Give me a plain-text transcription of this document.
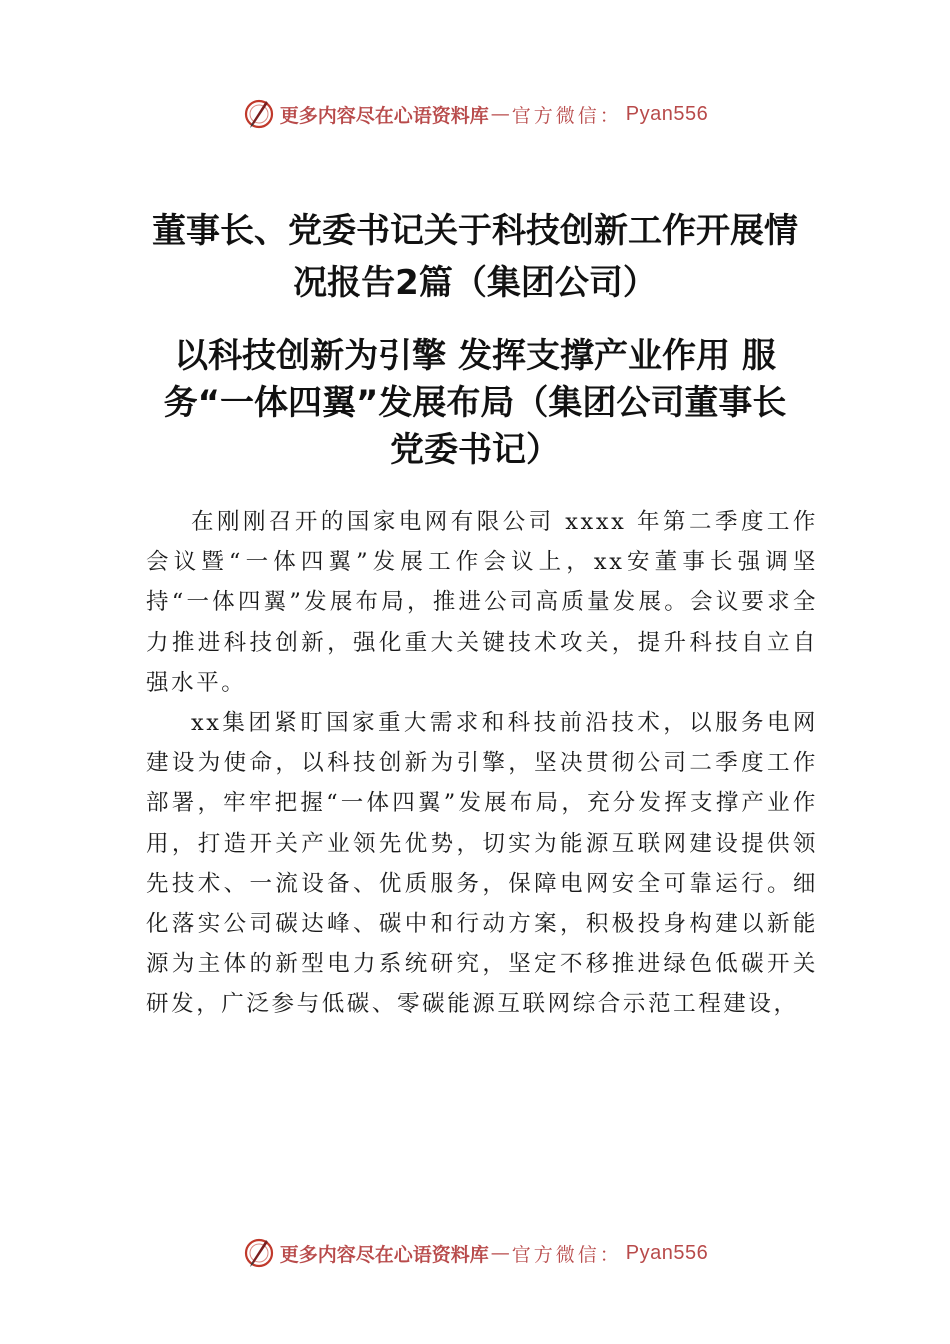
更多内容尽在心语资料库 — 官方微信： Pyan556
董事长、党委书记关于科技创新工作开展情况报告2篇（集团公司）
以科技创新为引擎 发挥支撑产业作用 服务“一体四翼”发展布局（集团公司董事长 党委书记）

在刚刚召开的国家电网有限公司 xxxx 年第二季度工作会议暨“一体四翼”发展工作会议上，xx安董事长强调坚持“一体四翼”发展布局，推进公司高质量发展。会议要求全力推进科技创新，强化重大关键技术攻关，提升科技自立自强水平。

xx集团紧盯国家重大需求和科技前沿技术，以服务电网建设为使命，以科技创新为引擎，坚决贯彻公司二季度工作部署，牢牢把握“一体四翼”发展布局，充分发挥支撑产业作用，打造开关产业领先优势，切实为能源互联网建设提供领先技术、一流设备、优质服务，保障电网安全可靠运行。细化落实公司碳达峰、碳中和行动方案，积极投身构建以新能源为主体的新型电力系统研究，坚定不移推进绿色低碳开关研发，广泛参与低碳、零碳能源互联网综合示范工程建设，

更多内容尽在心语资料库 — 官方微信： Pyan556
